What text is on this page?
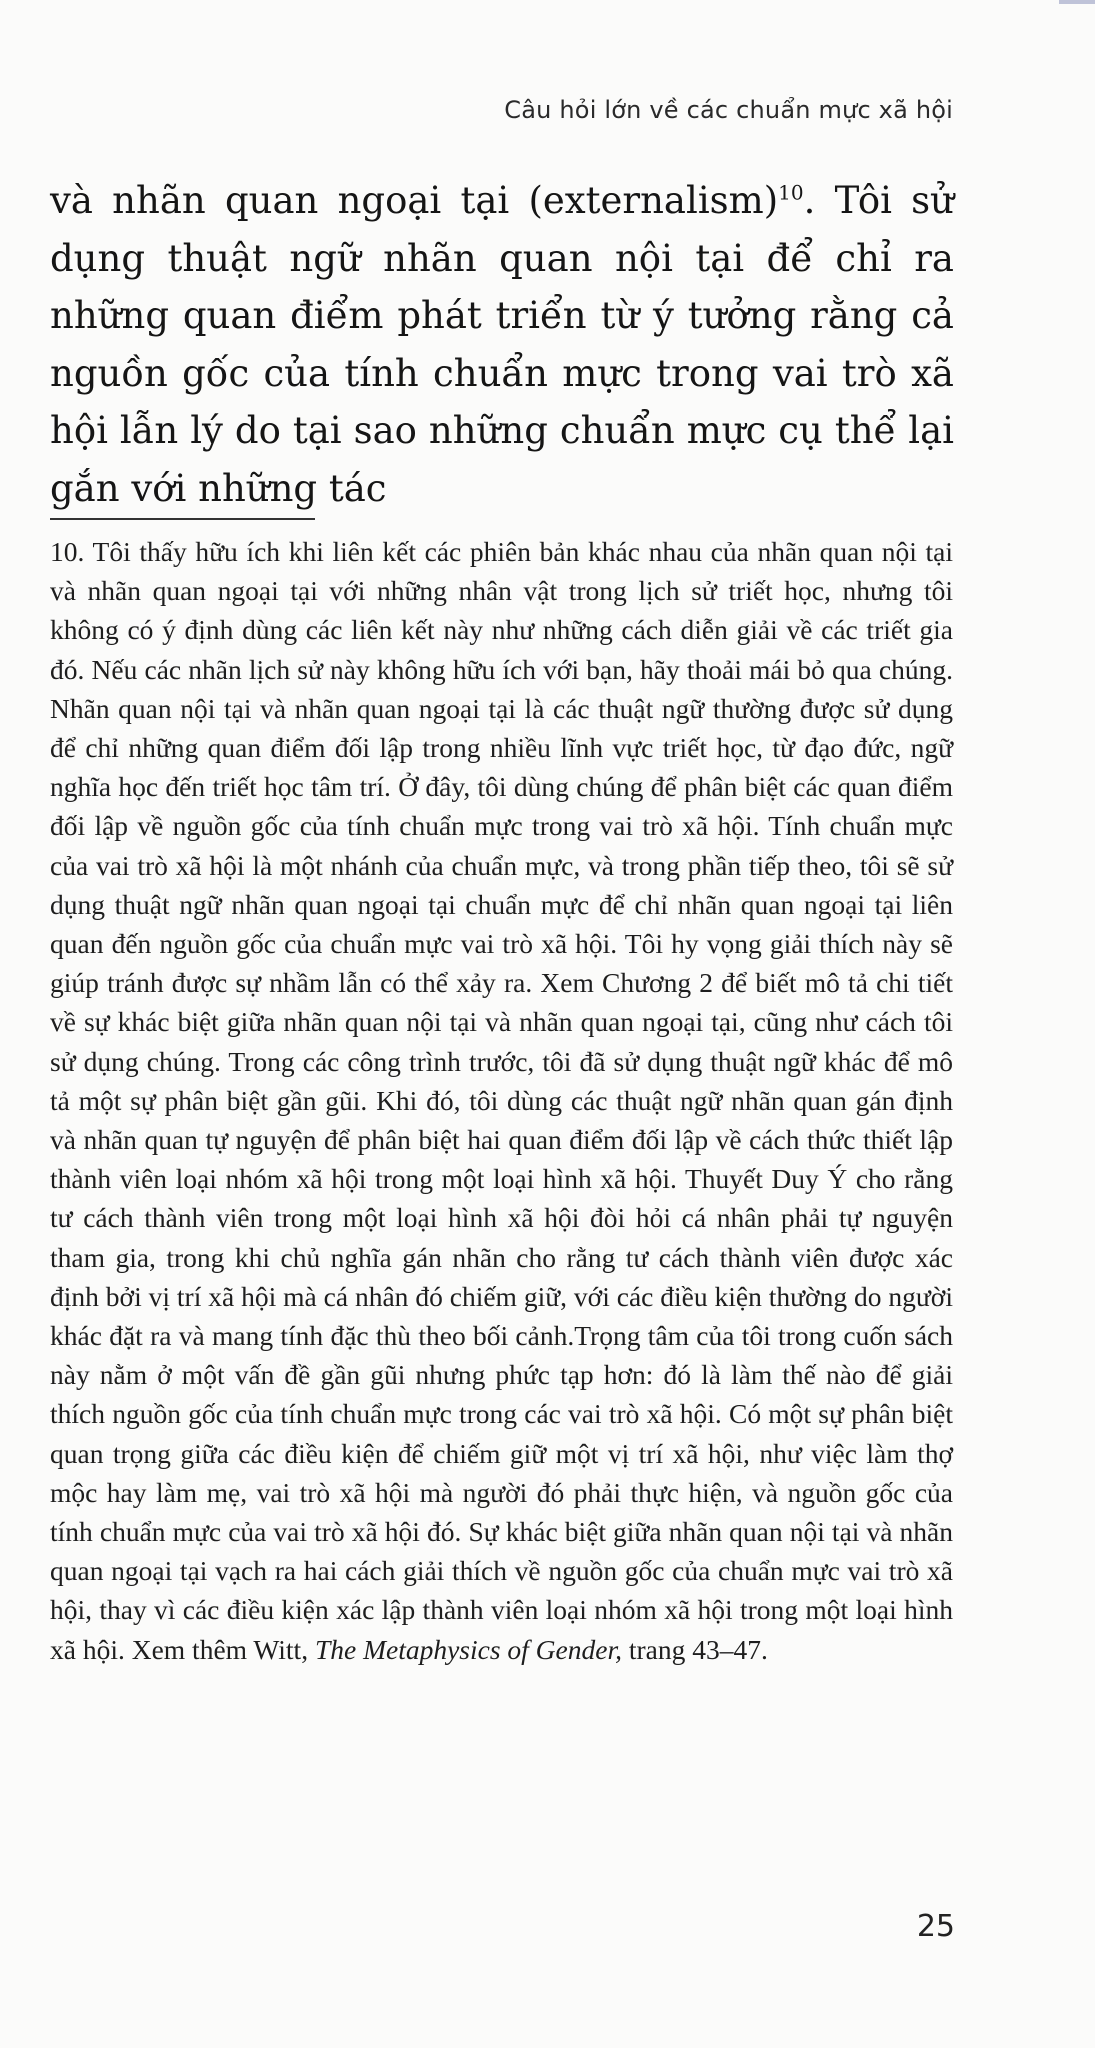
Câu hỏi lớn về các chuẩn mực xã hội

và nhãn quan ngoại tại (externalism)$^{10}$. Tôi sử dụng thuật ngữ nhãn quan nội tại để chỉ ra những quan điểm phát triển từ ý tưởng rằng cả nguồn gốc của tính chuẩn mực trong vai trò xã hội lẫn lý do tại sao những chuẩn mực cụ thể lại gắn với những tác

10. Tôi thấy hữu ích khi liên kết các phiên bản khác nhau của nhãn quan nội tại và nhãn quan ngoại tại với những nhân vật trong lịch sử triết học, nhưng tôi không có ý định dùng các liên kết này như những cách diễn giải về các triết gia đó. Nếu các nhãn lịch sử này không hữu ích với bạn, hãy thoải mái bỏ qua chúng. Nhãn quan nội tại và nhãn quan ngoại tại là các thuật ngữ thường được sử dụng để chỉ những quan điểm đối lập trong nhiều lĩnh vực triết học, từ đạo đức, ngữ nghĩa học đến triết học tâm trí. Ở đây, tôi dùng chúng để phân biệt các quan điểm đối lập về nguồn gốc của tính chuẩn mực trong vai trò xã hội. Tính chuẩn mực của vai trò xã hội là một nhánh của chuẩn mực, và trong phần tiếp theo, tôi sẽ sử dụng thuật ngữ nhãn quan ngoại tại chuẩn mực để chỉ nhãn quan ngoại tại liên quan đến nguồn gốc của chuẩn mực vai trò xã hội. Tôi hy vọng giải thích này sẽ giúp tránh được sự nhầm lẫn có thể xảy ra. Xem Chương 2 để biết mô tả chi tiết về sự khác biệt giữa nhãn quan nội tại và nhãn quan ngoại tại, cũng như cách tôi sử dụng chúng. Trong các công trình trước, tôi đã sử dụng thuật ngữ khác để mô tả một sự phân biệt gần gũi. Khi đó, tôi dùng các thuật ngữ nhãn quan gán định và nhãn quan tự nguyện để phân biệt hai quan điểm đối lập về cách thức thiết lập thành viên loại nhóm xã hội trong một loại hình xã hội. Thuyết Duy Ý cho rằng tư cách thành viên trong một loại hình xã hội đòi hỏi cá nhân phải tự nguyện tham gia, trong khi chủ nghĩa gán nhãn cho rằng tư cách thành viên được xác định bởi vị trí xã hội mà cá nhân đó chiếm giữ, với các điều kiện thường do người khác đặt ra và mang tính đặc thù theo bối cảnh.Trọng tâm của tôi trong cuốn sách này nằm ở một vấn đề gần gũi nhưng phức tạp hơn: đó là làm thế nào để giải thích nguồn gốc của tính chuẩn mực trong các vai trò xã hội. Có một sự phân biệt quan trọng giữa các điều kiện để chiếm giữ một vị trí xã hội, như việc làm thợ mộc hay làm mẹ, vai trò xã hội mà người đó phải thực hiện, và nguồn gốc của tính chuẩn mực của vai trò xã hội đó. Sự khác biệt giữa nhãn quan nội tại và nhãn quan ngoại tại vạch ra hai cách giải thích về nguồn gốc của chuẩn mực vai trò xã hội, thay vì các điều kiện xác lập thành viên loại nhóm xã hội trong một loại hình xã hội. Xem thêm Witt, The Metaphysics of Gender, trang 43–47.

25
